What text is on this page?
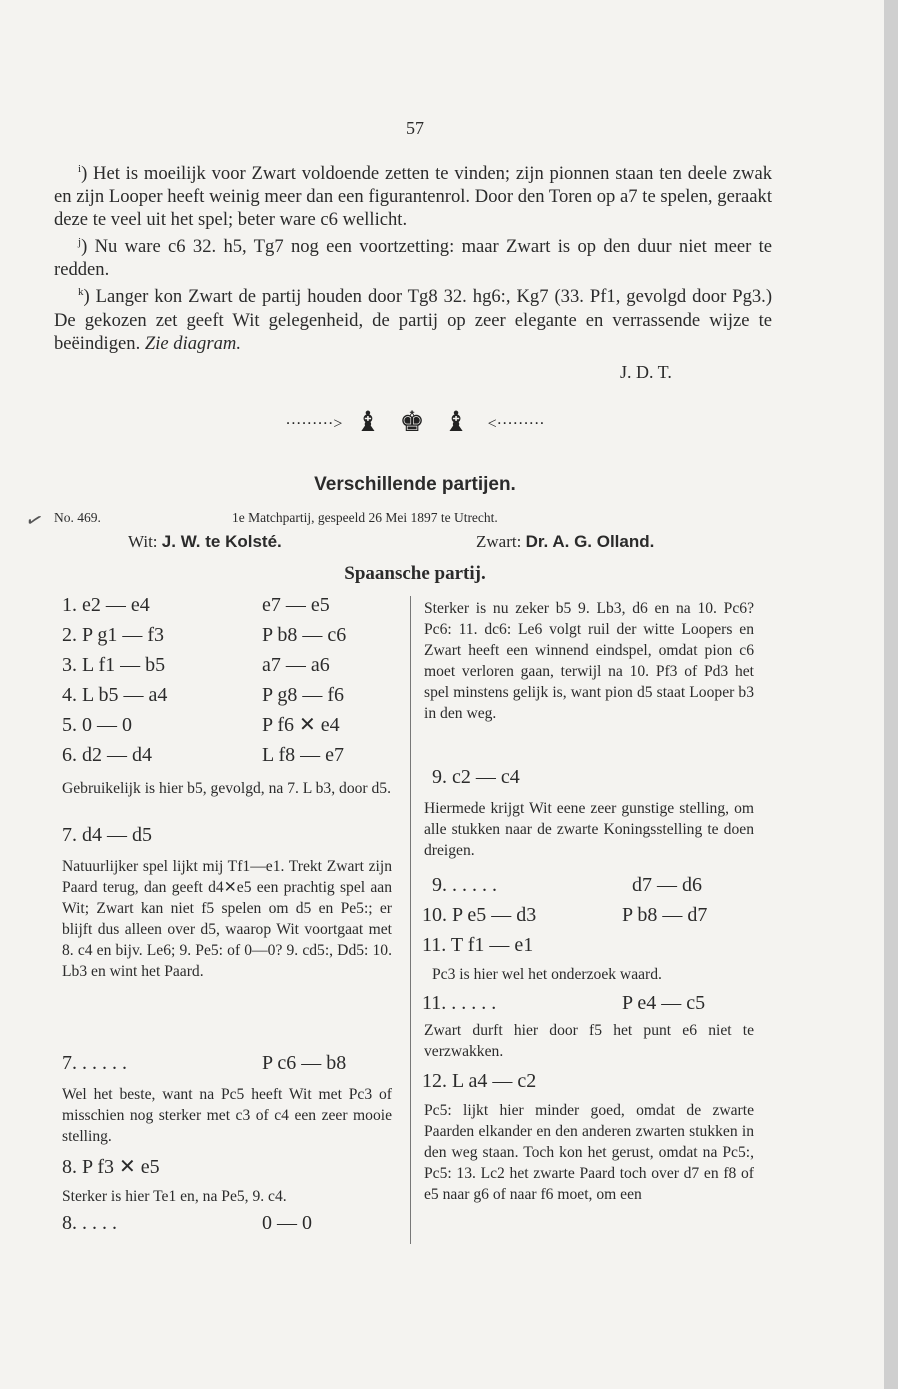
57

$^i$) Het is moeilijk voor Zwart voldoende zetten te vinden; zijn pionnen staan ten deele zwak en zijn Looper heeft weinig meer dan een figurantenrol. Door den Toren op a7 te spelen, geraakt deze te veel uit het spel; beter ware c6 wellicht.

$^j$) Nu ware c6 32. h5, Tg7 nog een voortzetting: maar Zwart is op den duur niet meer te redden.

$^k$) Langer kon Zwart de partij houden door Tg8 32. hg6:, Kg7 (33. Pf1, gevolgd door Pg3.) De gekozen zet geeft Wit gelegenheid, de partij op zeer elegante en verrassende wijze te beëindigen. Zie diagram.

J. D. T.
·········> ♝ ♚ ♝ <·········
Verschillende partijen.
✓ No. 469.	1e Matchpartij, gespeeld 26 Mei 1897 te Utrecht.
Wit: J. W. te Kolsté.	Zwart: Dr. A. G. Olland.
Spaansche partij.
1. e2 — e4	e7 — e5
2. P g1 — f3	P b8 — c6
3. L f1 — b5	a7 — a6
4. L b5 — a4	P g8 — f6
5. 0 — 0	P f6 ✕ e4
6. d2 — d4	L f8 — e7
Gebruikelijk is hier b5, gevolgd, na 7. L b3, door d5.
7. d4 — d5
Natuurlijker spel lijkt mij Tf1—e1. Trekt Zwart zijn Paard terug, dan geeft d4✕e5 een prachtig spel aan Wit; Zwart kan niet f5 spelen om d5 en Pe5:; er blijft dus alleen over d5, waarop Wit voortgaat met 8. c4 en bijv. Le6; 9. Pe5: of 0—0? 9. cd5:, Dd5: 10. Lb3 en wint het Paard.
7. . . . . .	P c6 — b8
Wel het beste, want na Pc5 heeft Wit met Pc3 of misschien nog sterker met c3 of c4 een zeer mooie stelling.
8. P f3 ✕ e5
Sterker is hier Te1 en, na Pe5, 9. c4.
8. . . . .	0 — 0
Sterker is nu zeker b5 9. Lb3, d6 en na 10. Pc6? Pc6: 11. dc6: Le6 volgt ruil der witte Loopers en Zwart heeft een winnend eindspel, omdat pion c6 moet verloren gaan, terwijl na 10. Pf3 of Pd3 het spel minstens gelijk is, want pion d5 staat Looper b3 in den weg.
9. c2 — c4
Hiermede krijgt Wit eene zeer gunstige stelling, om alle stukken naar de zwarte Koningsstelling te doen dreigen.
9. . . . . .	d7 — d6
10. P e5 — d3	P b8 — d7
11. T f1 — e1
Pc3 is hier wel het onderzoek waard.
11. . . . . .	P e4 — c5
Zwart durft hier door f5 het punt e6 niet te verzwakken.
12. L a4 — c2
Pc5: lijkt hier minder goed, omdat de zwarte Paarden elkander en den anderen zwarten stukken in den weg staan. Toch kon het gerust, omdat na Pc5:, Pc5: 13. Lc2 het zwarte Paard toch over d7 en f8 of e5 naar g6 of naar f6 moet, om een
